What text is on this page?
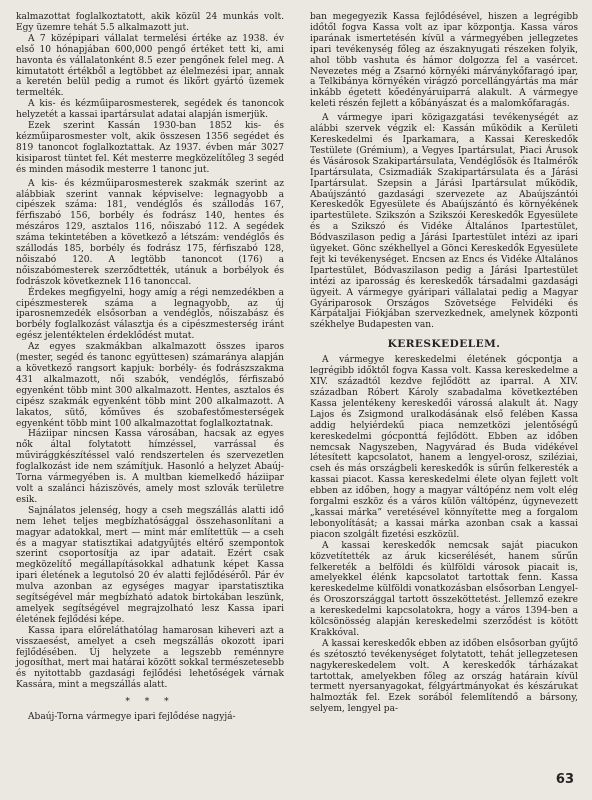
kalmazottat foglalkoztatott, akik közül 24 munkás volt. Egy üzemre tehát 5.5 alkalmazott jut.

A 7 középipari vállalat termelési értéke az 1938. év első 10 hónapjában 600,000 pengő értéket tett ki, ami havonta és vállalatonként 8.5 ezer pengőnek felel meg. A kimutatott értékből a legtöbbet az élelmezési ipar, annak a keretén belül pedig a rumot és likőrt gyártó üzemek termelték.

A kis- és kézműiparosmesterek, segédek és tanoncok helyzetét a kassai ipartársulat adatai alapján ismerjük.

Ezek szerint Kassán 1930-ban 1852 kis- és kézműiparosmester volt, akik összesen 1356 segédet és 819 tanoncot foglalkoztattak. Az 1937. évben már 3027 kisiparost tüntet fel. Két mesterre megközelítőleg 3 segéd és minden második mesterre 1 tanonc jut.

A kis- és kézműiparosmesterek szakmák szerint az alábbiak szerint vannak képviselve: legnagyobb a cipészek száma: 181, vendéglős és szállodás 167, férfiszabó 156, borbély és fodrász 140, hentes és mészáros 129, asztalos 116, nőiszabó 112. A segédek száma tekintetében a következő a létszám: vendéglős és szállodás 185, borbély és fodrász 175, férfiszabó 128, nőiszabó 120. A legtöbb tanoncot (176) a nőiszabómesterek szerződtették, utánuk a borbélyok és fodrászok következnek 116 tanonccal.

Érdekes megfigyelni, hogy amíg a régi nemzedékben a cipészmesterek száma a legnagyobb, az új iparosnemzedék elsősorban a vendéglős, nőiszabász és borbély foglalkozást választja és a cipészmesterség iránt egész jelentéktelen érdeklődést mutat.

Az egyes szakmákban alkalmazott összes iparos (mester, segéd és tanonc együttesen) számarányа alapján a következő rangsort kapjuk: borbély- és fodrászszakma 431 alkalmazott, női szabók, vendéglős, férfiszabó egyenként több mint 300 alkalmazott. Hentes, asztalos és cipész szakmák egyenként több mint 200 alkalmazott. A lakatos, sütő, kőműves és szobafestőmesterségek egyenként több mint 100 alkalmazottat foglalkoztatnak.

Háziipar nincsen Kassa városában, hacsak az egyes nők által folytatott hímzéssel, varrással és művirággkészítéssel való rendszertelen és szervezetlen foglalkozást ide nem számítjuk. Hasonló a helyzet Abaúj-Torna vármegyében is. A multban kiemelkedő háziipar volt a szalánci háziszövés, amely most szlovák területre esik.

Sajnálatos jelenség, hogy a cseh megszállás alatti idő nem lehet teljes megbízhatósággal összehasonlítani a magyar adatokkal, mert — mint már említettük — a cseh és a magyar statisztikai adatgyűjtés eltérő szempontok szerint csoportosítja az ipar adatait. Ezért csak megközelítő megállapításokkal adhatunk képet Kassa ipari életének a legutolsó 20 év alatti fejlődéséről. Pár év mulva azonban az egységes magyar iparstatisztika segítségével már megbízható adatok birtokában leszünk, amelyek segítségével megrajzolható lesz Kassa ipari életének fejlődési képe.

Kassa ipara előreláthatólag hamarosan kiheveri azt a visszaesést, amelyet a cseh megszállás okozott ipari fejlődésében. Új helyzete a legszebb reménnyre jogosíthat, mert mai határai között sokkal természetesebb és nyitottabb gazdasági fejlődési lehetőségek várnak Kassára, mint a megszállás alatt.

* * *

Abaúj-Torna vármegye ipari fejlődése nagyjá-

ban megegyezik Kassa fejlődésével, hiszen a legrégibb időtől fogva Kassa volt az ipar központja. Kassa város iparának ismertetésén kívül a vármegyében jellegzetes ipari tevékenység főleg az északnyugati részeken folyik, ahol több vashuta és hámor dolgozza fel a vasércet. Nevezetes még a Zsarnó környéki márványkőfaragó ipar, a Telkibánya környékén virágzó porcellángyártás ma már inkább égetett kőedényáruiparrá alakult. A vármegye keleti részén fejlett a kőbányászat és a malomkőfaragás.

A vármegye ipari közigazgatási tevékenységét az alábbi szervek végzik el: Kassán működik a Kerületi Kereskedelmi és Iparkamara, a Kassai Kereskedők Testülete (Grémium), a Vegyes Ipartársulat, Piaci Árusok és Vásárosok Szakipartársulata, Vendéglősök és Italmérők Ipartársulata, Csizmadiák Szakipartársulata és a Járási Ipartársulat. Szepsin a Járási Ipartársulat működik, Abaújszántó gazdasági szervezete az Abaújszántói Kereskedők Egyesülete és Abaújszántó és környékének ipartestülete. Szikszón a Szikszói Kereskedők Egyesülete és a Szikszó és Vidéke Általános Ipartestület, Bódvaszilason pedig a Járási Ipartestület intézi az ipari ügyeket. Gönc székhellyel a Gönci Kereskedők Egyesülete fejt ki tevékenységet. Encsen az Encs és Vidéke Általános Ipartestület, Bódvaszilason pedig a Járási Ipartestület intézi az iparosság és kereskedők társadalmi gazdasági ügyeit. A vármegye gyáripari vállalatai pedig a Magyar Gyáriparosok Országos Szövetsége Felvidéki és Kárpátaljai Fiókjában szervezkednek, amelynek központi székhelye Budapesten van.

KERESKEDELEM.

A vármegye kereskedelmi életének gócpontja a legrégibb időktől fogva Kassa volt. Kassa kereskedelme a XIV. századtól kezdve fejlődött az iparral. A XIV. században Róbert Károly szabadalma következtében Kassa jelentékeny kereskedői várossá alakult át. Nagy Lajos és Zsigmond uralkodásának első felében Kassa addig helyiérdekű piaca nemzetközi jelentőségű kereskedelmi gócponttá fejlődött. Ebben az időben nemcsak Nagyszeben, Nagyvárad és Buda vidékével létesített kapcsolatot, hanem a lengyel-orosz, sziléziai, cseh és más országbeli kereskedők is sűrűn felkeresték a kassai piacot. Kassa kereskedelmi élete olyan fejlett volt ebben az időben, hogy a magyar váltópénz nem volt elég forgalmi eszköz és a város külön váltópénz, úgynevezett „kassai márka” veretésével könnyítette meg a forgalom lebonyolítását; a kassai márka azonban csak a kassai piacon szolgált fizetési eszközül.

A kassai kereskedők nemcsak saját piacukon közvetítették az áruk kicserélését, hanem sűrűn felkereték a belföldi és külföldi városok piacait is, amelyekkel élénk kapcsolatot tartottak fenn. Kassa kereskedelme külföldi vonatkozásban elsősorban Lengyel- és Oroszországgal tartott összeköttetést. Jellemző ezekre a kereskedelmi kapcsolatokra, hogy a város 1394-ben a kölcsönösség alapján kereskedelmi szerződést is kötött Krakkóval.

A kassai kereskedők ebben az időben elsősorban gyűjtő és szétosztó tevékenységet folytatott, tehát jellegzetesen nagykereskedelem volt. A kereskedők tárházakat tartottak, amelyekben főleg az ország határain kívül termett nyersanyagokat, félgyártmányokat és készárukat halmozták fel. Ezek sorából felemlítendő a bársony, selyem, lengyel pa-

63
